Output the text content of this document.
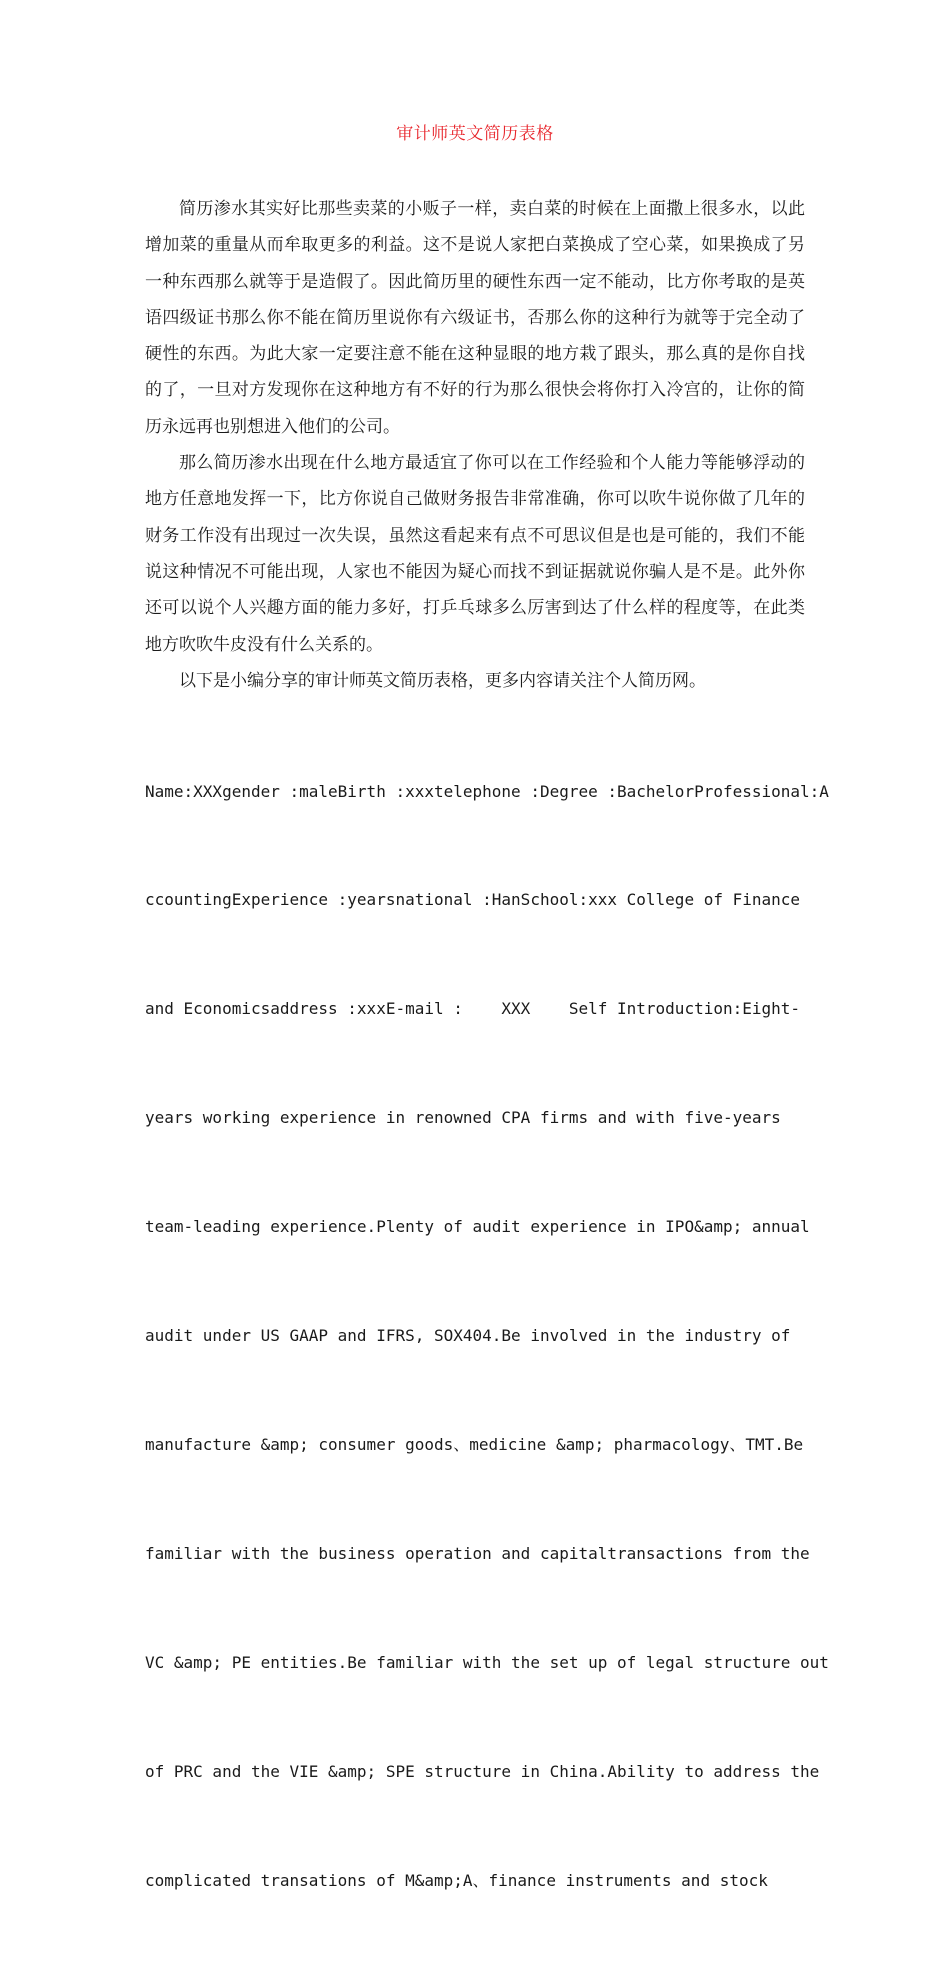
审计师英文简历表格

简历渗水其实好比那些卖菜的小贩子一样，卖白菜的时候在上面撒上很多水，以此增加菜的重量从而牟取更多的利益。这不是说人家把白菜换成了空心菜，如果换成了另一种东西那么就等于是造假了。因此简历里的硬性东西一定不能动，比方你考取的是英语四级证书那么你不能在简历里说你有六级证书，否那么你的这种行为就等于完全动了硬性的东西。为此大家一定要注意不能在这种显眼的地方栽了跟头，那么真的是你自找的了，一旦对方发现你在这种地方有不好的行为那么很快会将你打入冷宫的，让你的简历永远再也别想进入他们的公司。

那么简历渗水出现在什么地方最适宜了你可以在工作经验和个人能力等能够浮动的地方任意地发挥一下，比方你说自己做财务报告非常准确，你可以吹牛说你做了几年的财务工作没有出现过一次失误，虽然这看起来有点不可思议但是也是可能的，我们不能说这种情况不可能出现，人家也不能因为疑心而找不到证据就说你骗人是不是。此外你还可以说个人兴趣方面的能力多好，打乒乓球多么厉害到达了什么样的程度等，在此类地方吹吹牛皮没有什么关系的。

以下是小编分享的审计师英文简历表格，更多内容请关注个人简历网。

Name:XXXgender :maleBirth :xxxtelephone :Degree :BachelorProfessional:A

ccountingExperience :yearsnational :HanSchool:xxx College of Finance

and Economicsaddress :xxxE-mail :    XXX    Self Introduction:Eight-

years working experience in renowned CPA firms and with five-years

team-leading experience.Plenty of audit experience in IPO&amp; annual

audit under US GAAP and IFRS, SOX404.Be involved in the industry of

manufacture &amp; consumer goods、medicine &amp; pharmacology、TMT.Be

familiar with the business operation and capitaltransactions from the

VC &amp; PE entities.Be familiar with the set up of legal structure out

of PRC and the VIE &amp; SPE structure in China.Ability to address the

complicated transations of M&amp;A、finance instruments and stock
